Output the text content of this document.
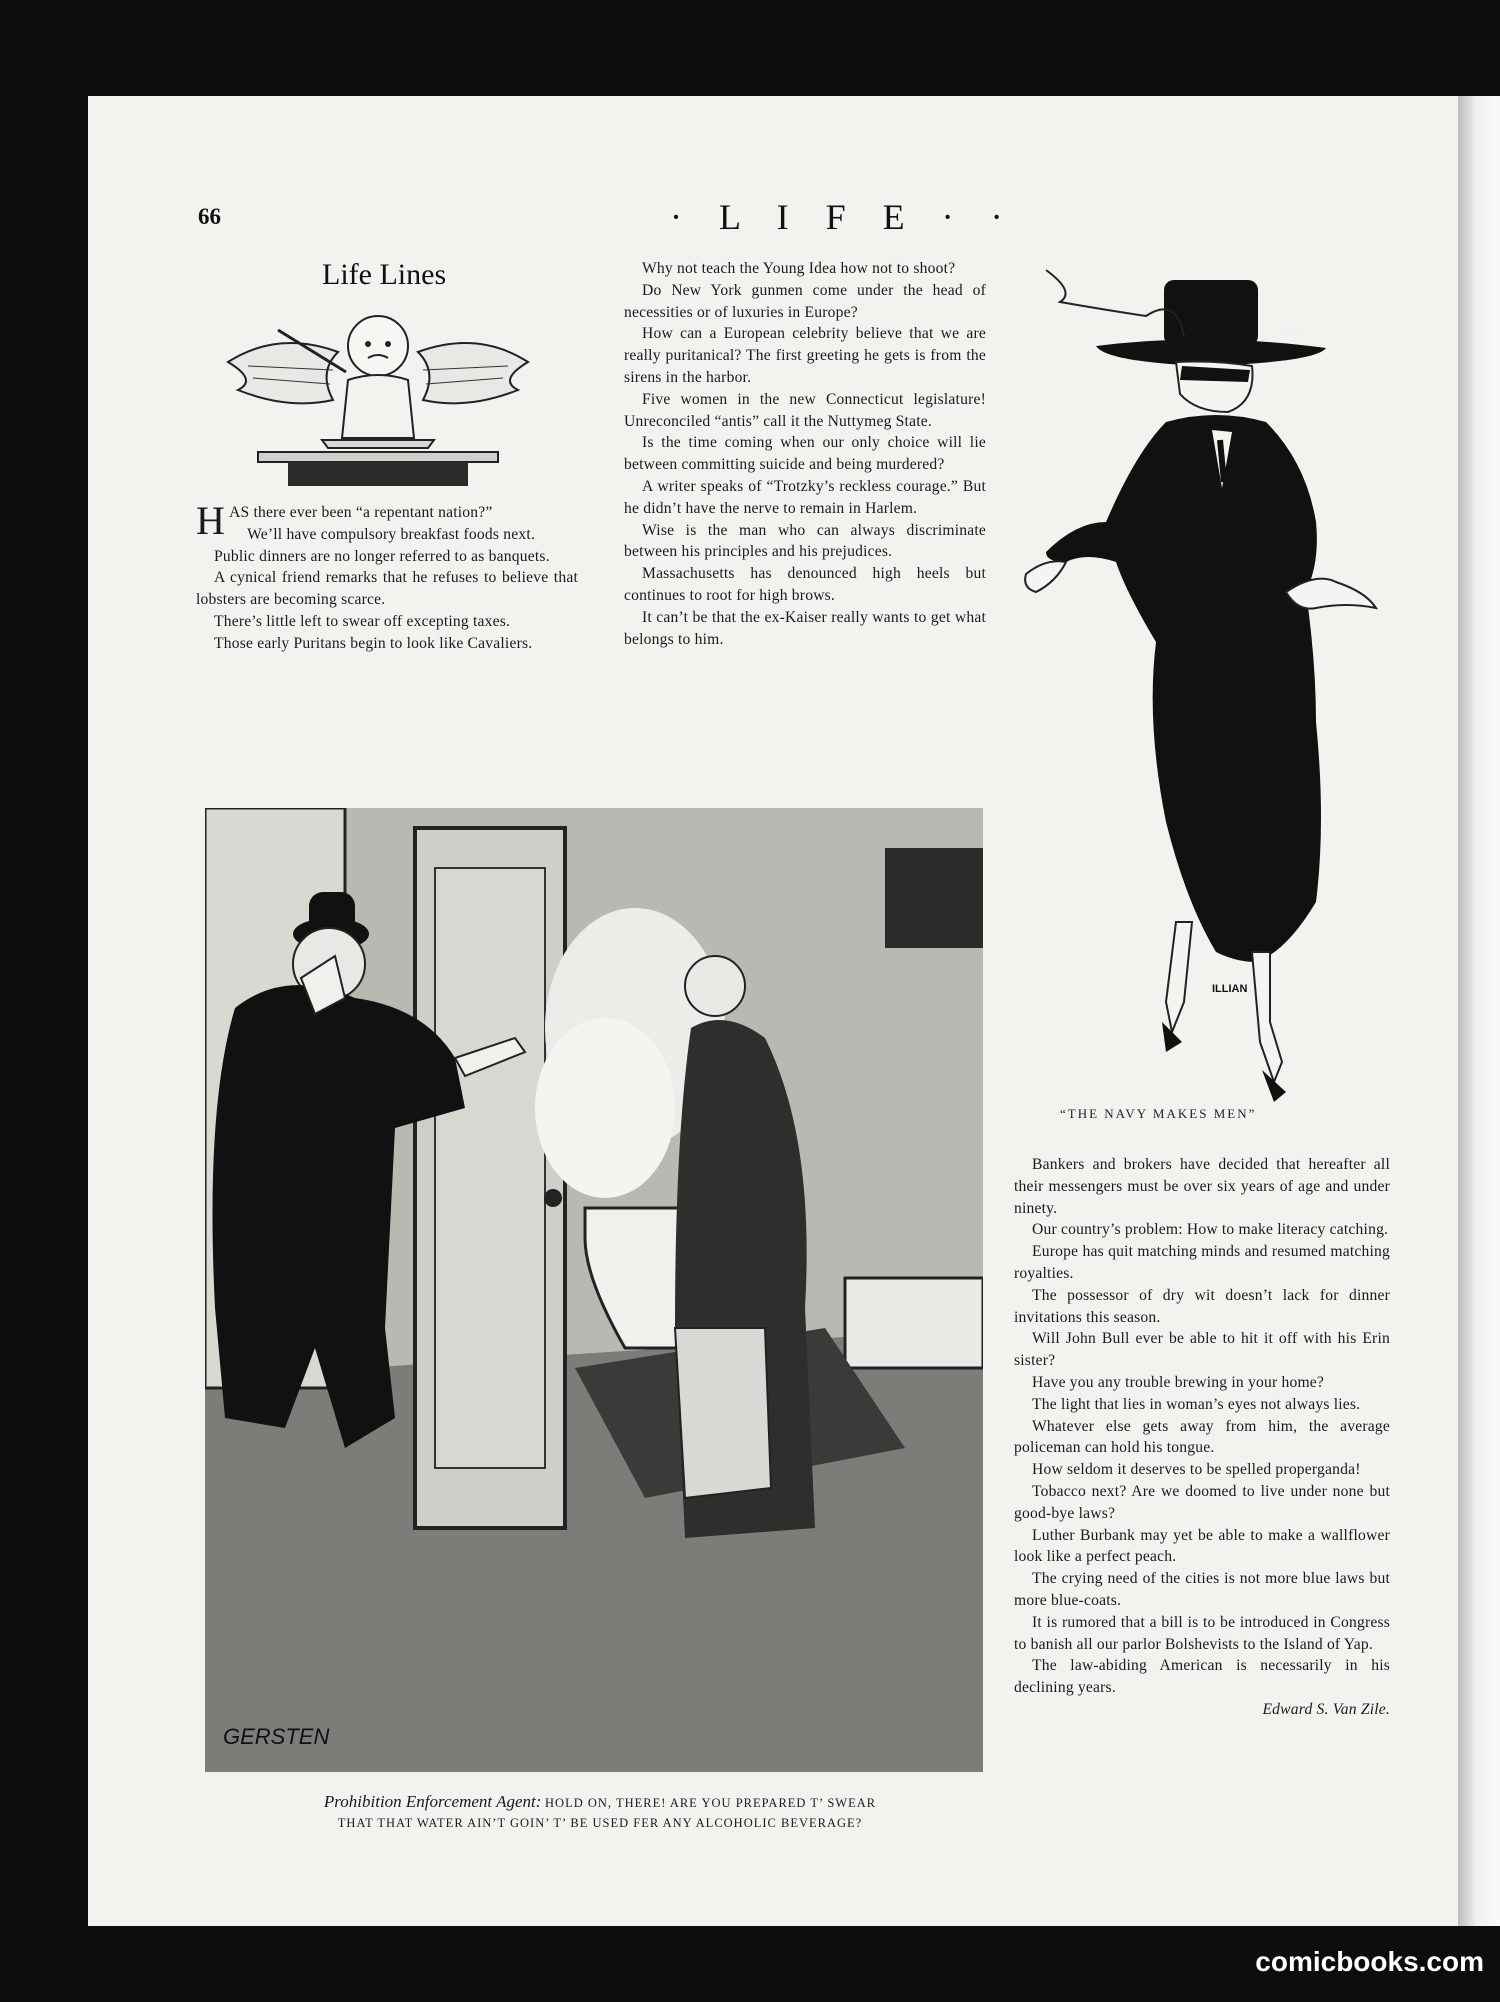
66	· L I F E · ·
Life Lines

HAS there ever been “a repentant nation?”

We’ll have compulsory breakfast foods next.

Public dinners are no longer referred to as banquets.

A cynical friend remarks that he refuses to believe that lobsters are becoming scarce.

There’s little left to swear off excepting taxes.

Those early Puritans begin to look like Cavaliers.

Why not teach the Young Idea how not to shoot?

Do New York gunmen come under the head of necessities or of luxuries in Europe?

How can a European celebrity believe that we are really puritanical? The first greeting he gets is from the sirens in the harbor.

Five women in the new Connecticut legislature! Unreconciled “antis” call it the Nuttymeg State.

Is the time coming when our only choice will lie between committing suicide and being murdered?

A writer speaks of “Trotzky’s reckless courage.” But he didn’t have the nerve to remain in Harlem.

Wise is the man who can always discriminate between his principles and his prejudices.

Massachusetts has denounced high heels but continues to root for high brows.

It can’t be that the ex-Kaiser really wants to get what belongs to him.

U.S.
ILLIAN
“THE NAVY MAKES MEN”

Bankers and brokers have decided that hereafter all their messengers must be over six years of age and under ninety.

Our country’s problem: How to make literacy catching.

Europe has quit matching minds and resumed matching royalties.

The possessor of dry wit doesn’t lack for dinner invitations this season.

Will John Bull ever be able to hit it off with his Erin sister?

Have you any trouble brewing in your home?

The light that lies in woman’s eyes not always lies.

Whatever else gets away from him, the average policeman can hold his tongue.

How seldom it deserves to be spelled properganda!

Tobacco next? Are we doomed to live under none but good-bye laws?

Luther Burbank may yet be able to make a wallflower look like a perfect peach.

The crying need of the cities is not more blue laws but more blue-coats.

It is rumored that a bill is to be introduced in Congress to banish all our parlor Bolshevists to the Island of Yap.

The law-abiding American is necessarily in his declining years.

Edward S. Van Zile.
GERSTEN
Prohibition Enforcement Agent: HOLD ON, THERE! ARE YOU PREPARED T’ SWEAR
THAT THAT WATER AIN’T GOIN’ T’ BE USED FER ANY ALCOHOLIC BEVERAGE?
comicbooks.com
